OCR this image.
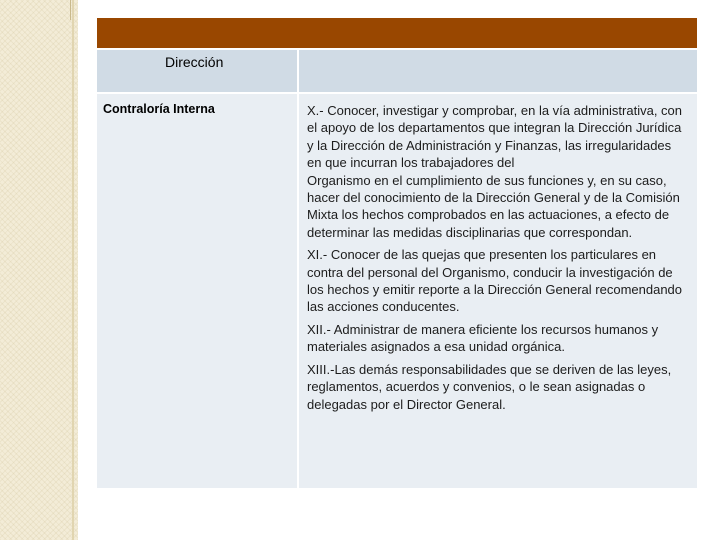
Dirección
Contraloría Interna	X.- Conocer, investigar y comprobar, en la vía administrativa, con el apoyo de los departamentos que integran la Dirección Jurídica y la Dirección de Administración y Finanzas, las irregularidades en que incurran los trabajadores del
Organismo en el cumplimiento de sus funciones y, en su caso, hacer del conocimiento de la Dirección General y de la Comisión Mixta los hechos comprobados en las actuaciones, a efecto de determinar las medidas disciplinarias que correspondan.

XI.- Conocer de las quejas que presenten los particulares en contra del personal del Organismo, conducir la investigación de los hechos y emitir reporte a la Dirección General recomendando las acciones conducentes.

XII.- Administrar de manera eficiente los recursos humanos y materiales asignados a esa unidad orgánica.

XIII.-Las demás responsabilidades que se deriven de las leyes, reglamentos, acuerdos y convenios, o le sean asignadas o delegadas por el Director General.
